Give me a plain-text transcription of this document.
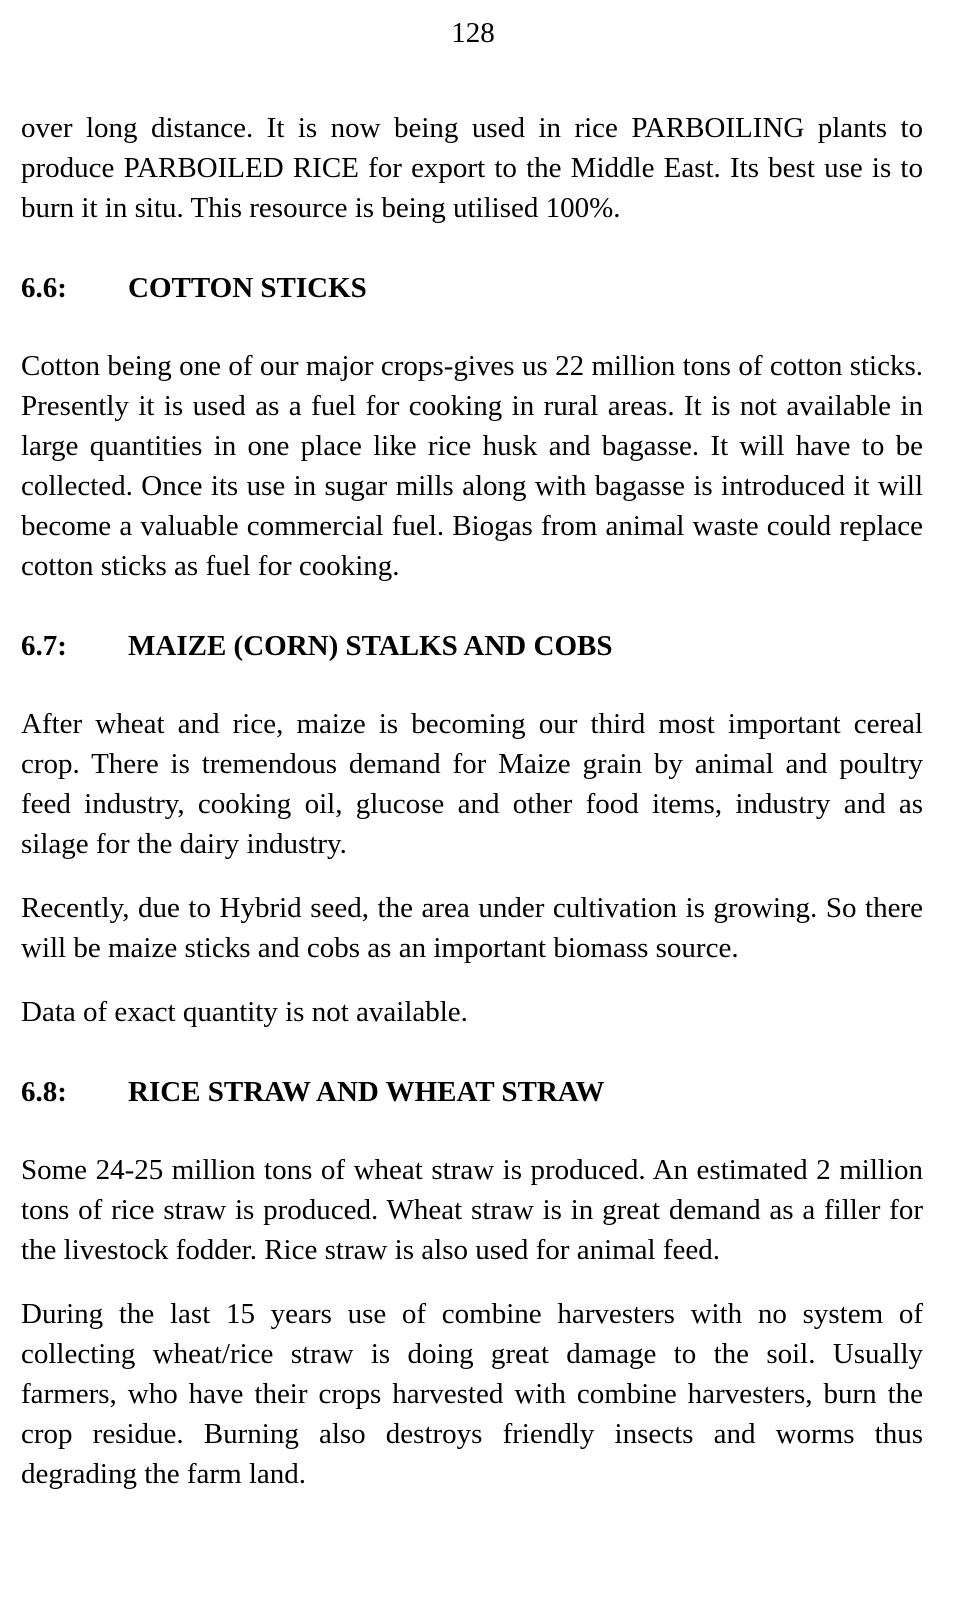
128

over long distance. It is now being used in rice PARBOILING plants to produce PARBOILED RICE for export to the Middle East. Its best use is to burn it in situ. This resource is being utilised 100%.

6.6:	COTTON STICKS

Cotton being one of our major crops-gives us 22 million tons of cotton sticks. Presently it is used as a fuel for cooking in rural areas. It is not available in large quantities in one place like rice husk and bagasse. It will have to be collected. Once its use in sugar mills along with bagasse is introduced it will become a valuable commercial fuel. Biogas from animal waste could replace cotton sticks as fuel for cooking.

6.7:	MAIZE (CORN) STALKS AND COBS

After wheat and rice, maize is becoming our third most important cereal crop. There is tremendous demand for Maize grain by animal and poultry feed industry, cooking oil, glucose and other food items, industry and as silage for the dairy industry.

Recently, due to Hybrid seed, the area under cultivation is growing. So there will be maize sticks and cobs as an important biomass source.

Data of exact quantity is not available.

6.8:	RICE STRAW AND WHEAT STRAW

Some 24-25 million tons of wheat straw is produced. An estimated 2 million tons of rice straw is produced. Wheat straw is in great demand as a filler for the livestock fodder. Rice straw is also used for animal feed.

During the last 15 years use of combine harvesters with no system of collecting wheat/rice straw is doing great damage to the soil. Usually farmers, who have their crops harvested with combine harvesters, burn the crop residue. Burning also destroys friendly insects and worms thus degrading the farm land.
